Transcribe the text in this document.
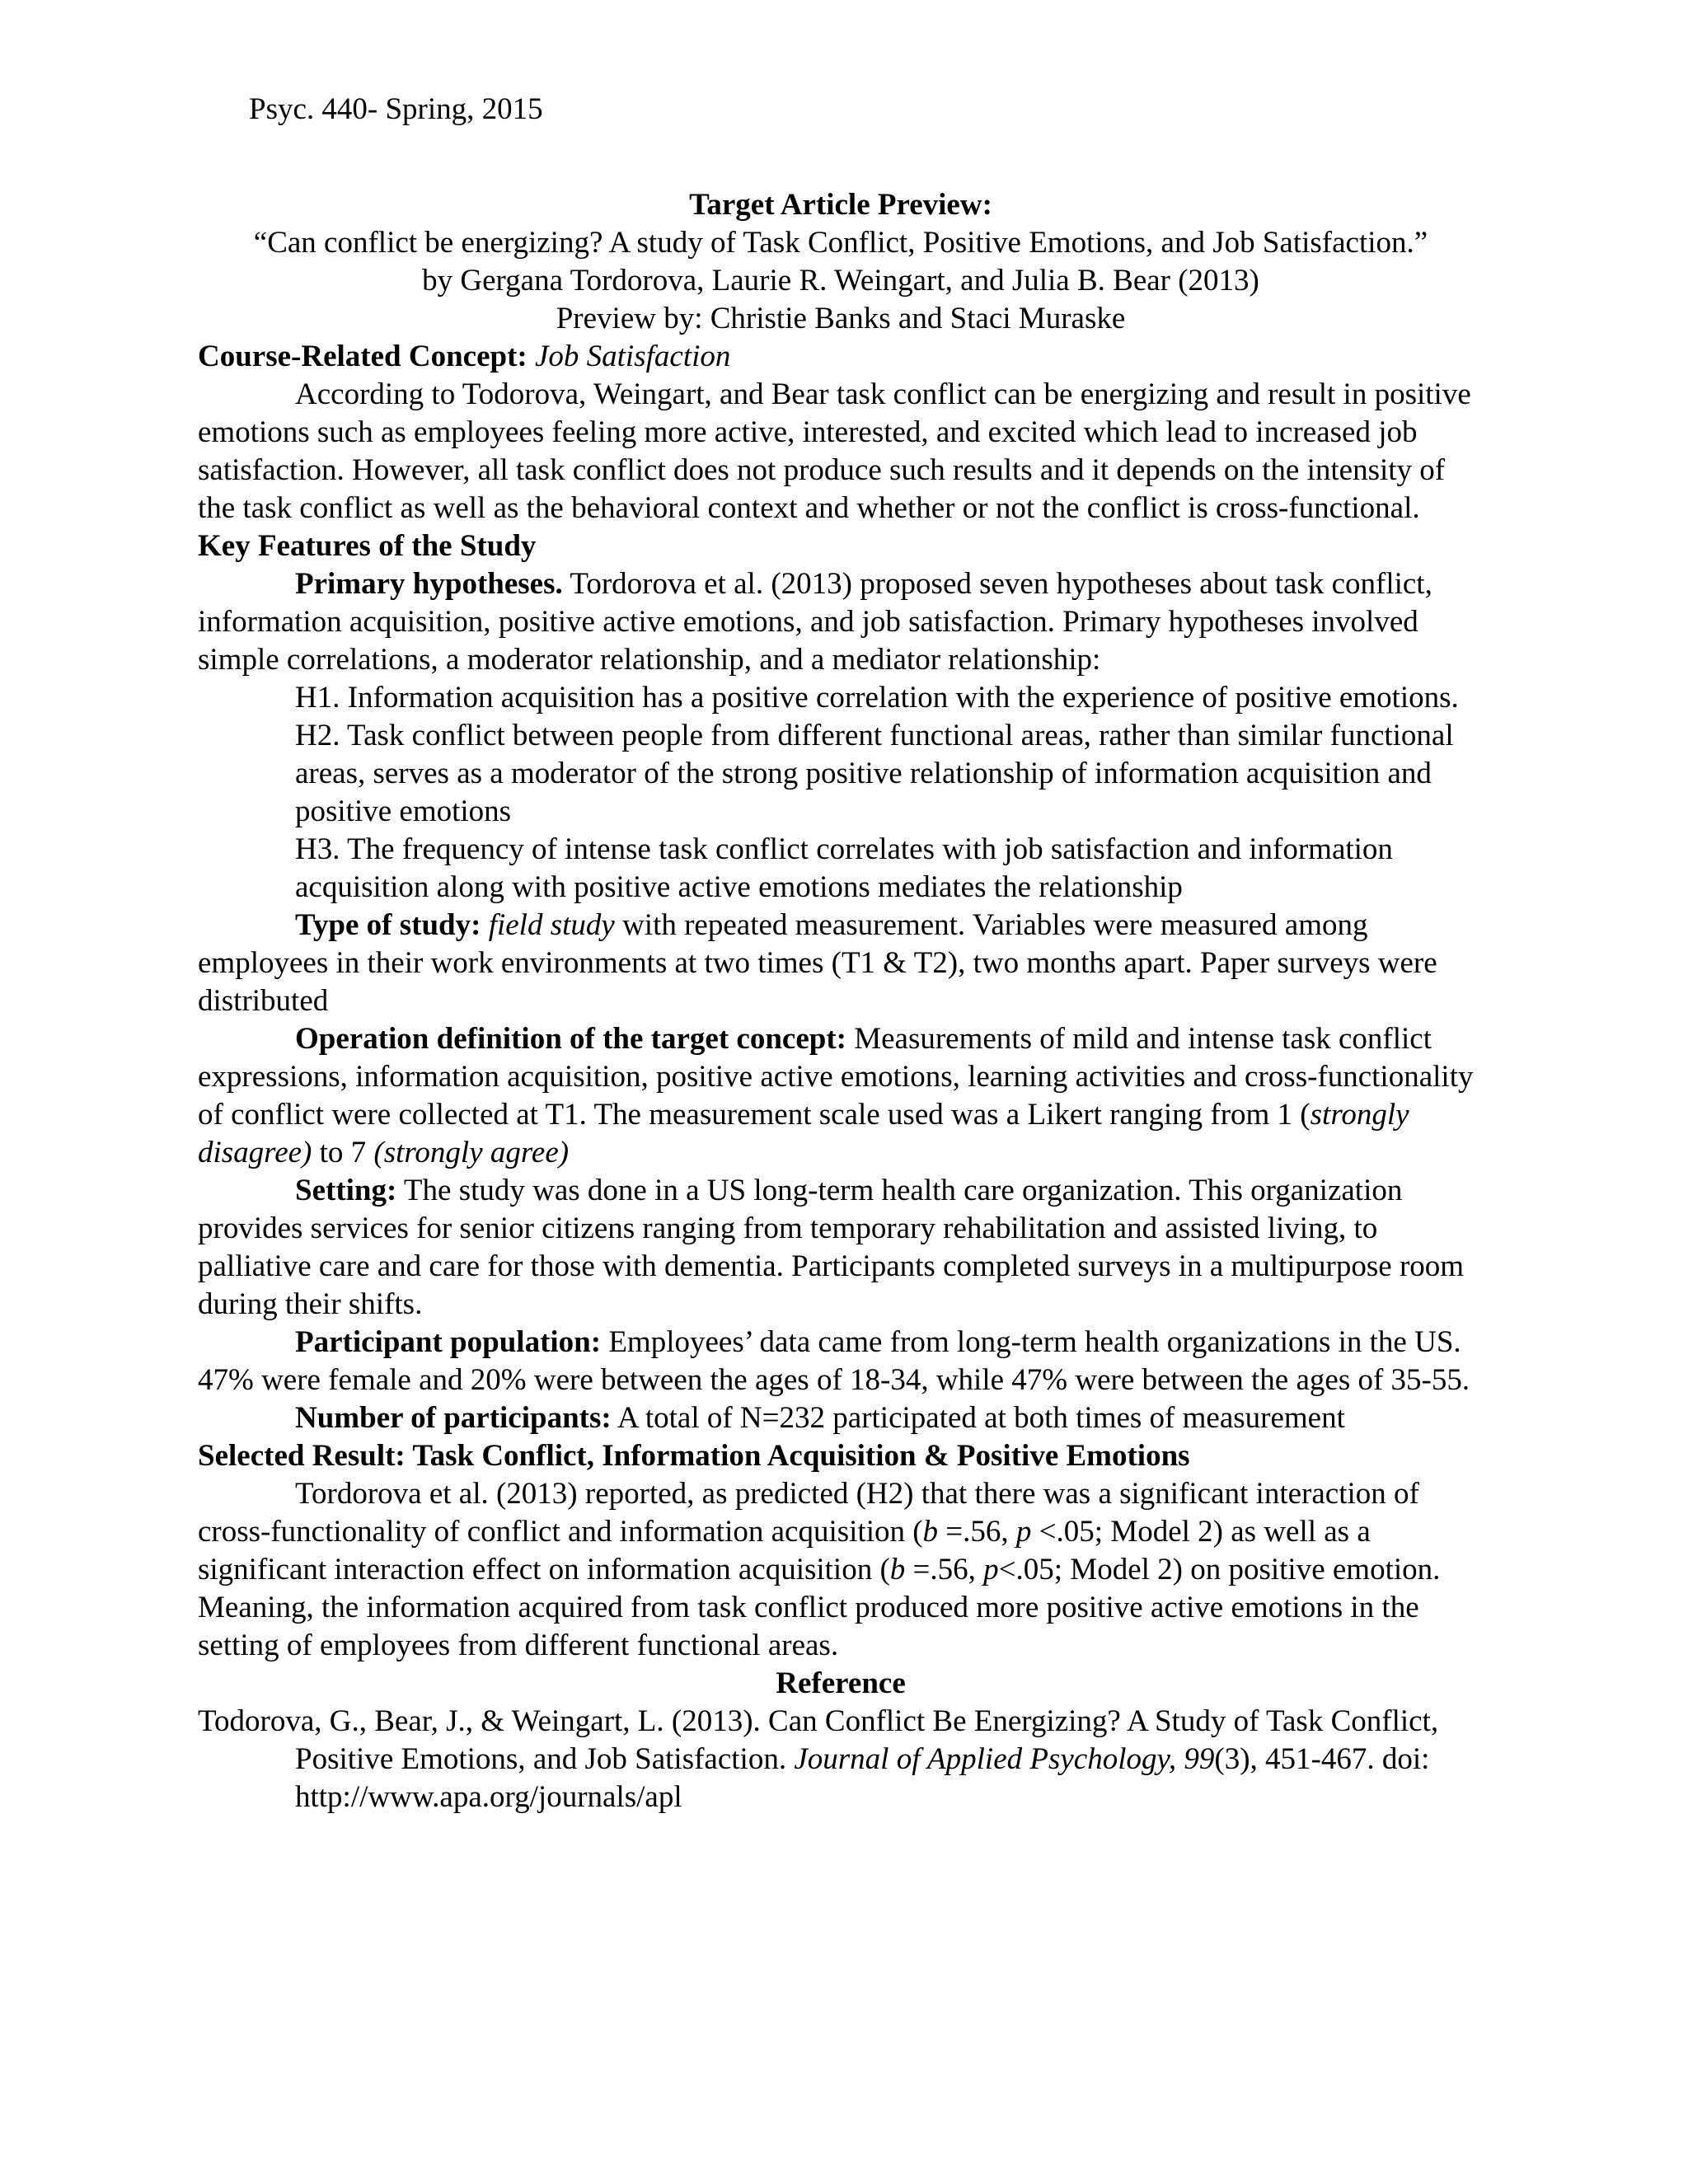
Psyc. 440- Spring, 2015

Target Article Preview:

“Can conflict be energizing? A study of Task Conflict, Positive Emotions, and Job Satisfaction.”

by Gergana Tordorova, Laurie R. Weingart, and Julia B. Bear (2013)

Preview by: Christie Banks and Staci Muraske

Course-Related Concept: Job Satisfaction

According to Todorova, Weingart, and Bear task conflict can be energizing and result in positive emotions such as employees feeling more active, interested, and excited which lead to increased job satisfaction. However, all task conflict does not produce such results and it depends on the intensity of the task conflict as well as the behavioral context and whether or not the conflict is cross-functional.

Key Features of the Study

Primary hypotheses. Tordorova et al. (2013) proposed seven hypotheses about task conflict, information acquisition, positive active emotions, and job satisfaction. Primary hypotheses involved simple correlations, a moderator relationship, and a mediator relationship:

H1. Information acquisition has a positive correlation with the experience of positive emotions.

H2. Task conflict between people from different functional areas, rather than similar functional areas, serves as a moderator of the strong positive relationship of information acquisition and positive emotions

H3. The frequency of intense task conflict correlates with job satisfaction and information acquisition along with positive active emotions mediates the relationship

Type of study: field study with repeated measurement. Variables were measured among employees in their work environments at two times (T1 & T2), two months apart. Paper surveys were distributed

Operation definition of the target concept: Measurements of mild and intense task conflict expressions, information acquisition, positive active emotions, learning activities and cross-functionality of conflict were collected at T1. The measurement scale used was a Likert ranging from 1 (strongly disagree) to 7 (strongly agree)

Setting: The study was done in a US long-term health care organization. This organization provides services for senior citizens ranging from temporary rehabilitation and assisted living, to palliative care and care for those with dementia. Participants completed surveys in a multipurpose room during their shifts.

Participant population: Employees’ data came from long-term health organizations in the US. 47% were female and 20% were between the ages of 18-34, while 47% were between the ages of 35-55.

Number of participants: A total of N=232 participated at both times of measurement

Selected Result: Task Conflict, Information Acquisition & Positive Emotions

Tordorova et al. (2013) reported, as predicted (H2) that there was a significant interaction of cross-functionality of conflict and information acquisition (b =.56, p <.05; Model 2) as well as a significant interaction effect on information acquisition (b =.56, p<.05; Model 2) on positive emotion. Meaning, the information acquired from task conflict produced more positive active emotions in the setting of employees from different functional areas.

Reference

Todorova, G., Bear, J., & Weingart, L. (2013). Can Conflict Be Energizing? A Study of Task Conflict, Positive Emotions, and Job Satisfaction. Journal of Applied Psychology, 99(3), 451-467. doi: http://www.apa.org/journals/apl
